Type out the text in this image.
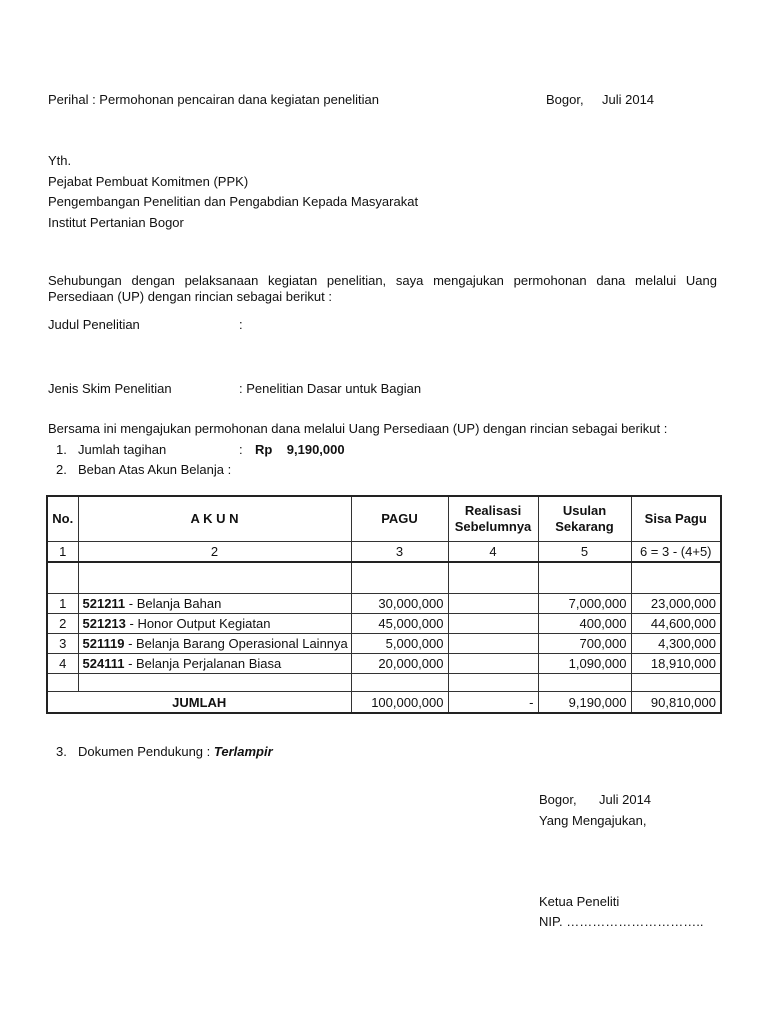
Perihal : Permohonan pencairan dana kegiatan penelitian	Bogor, Juli 2014
Yth.
Pejabat Pembuat Komitmen (PPK)
Pengembangan Penelitian dan Pengabdian Kepada Masyarakat
Institut Pertanian Bogor
Sehubungan dengan pelaksanaan kegiatan penelitian, saya mengajukan permohonan dana melalui Uang Persediaan (UP) dengan rincian sebagai berikut :
Judul Penelitian	:
Jenis Skim Penelitian	: Penelitian Dasar untuk Bagian
Bersama ini mengajukan permohonan dana melalui Uang Persediaan (UP) dengan rincian sebagai berikut :
1. Jumlah tagihan	: Rp    9,190,000
2. Beban Atas Akun Belanja :
No.	A K U N	PAGU	Realisasi Sebelumnya	Usulan Sekarang	Sisa Pagu
1	2	3	4	5	6 = 3 - (4+5)

1	521211 - Belanja Bahan	30,000,000		7,000,000	23,000,000
2	521213 - Honor Output Kegiatan	45,000,000		400,000	44,600,000
3	521119 - Belanja Barang Operasional Lainnya	5,000,000		700,000	4,300,000
4	524111 - Belanja Perjalanan Biasa	20,000,000		1,090,000	18,910,000

JUMLAH		100,000,000	-	9,190,000	90,810,000
3. Dokumen Pendukung : Terlampir
Bogor, Juli 2014
Yang Mengajukan,
Ketua Peneliti
NIP. …………………………..
